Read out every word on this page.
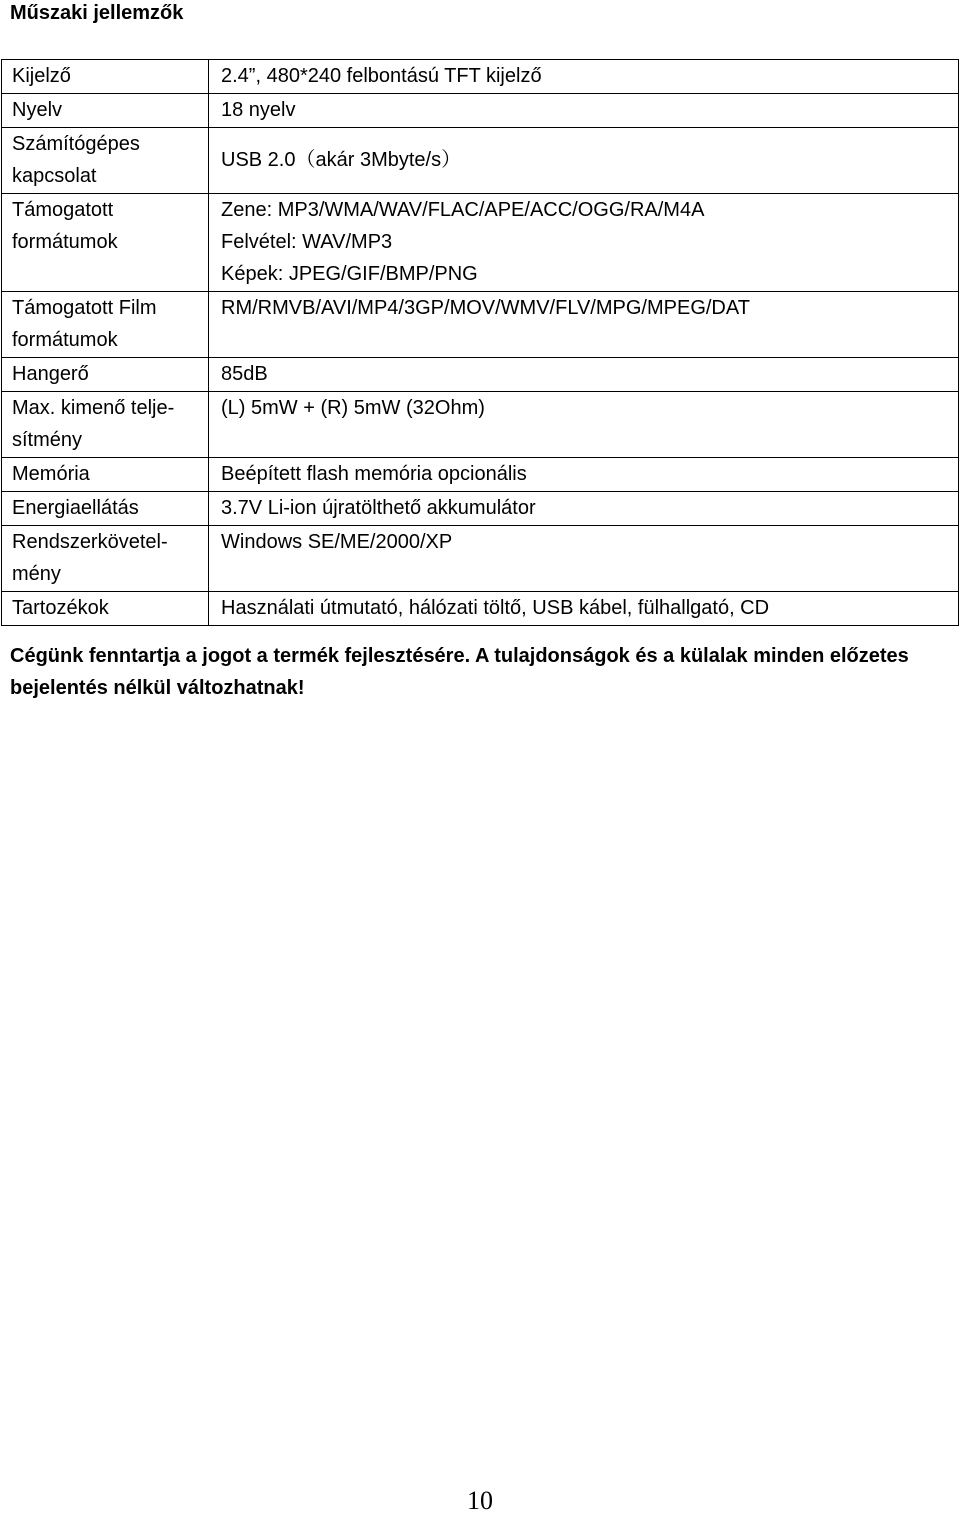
Műszaki jellemzők
Kijelző	2.4”, 480*240 felbontású TFT kijelző

Nyelv	18 nyelv

Számítógépes
kapcsolat	USB 2.0（akár 3Mbyte/s）

Támogatott
formátumok	Zene: MP3/WMA/WAV/FLAC/APE/ACC/OGG/RA/M4A
Felvétel: WAV/MP3
Képek: JPEG/GIF/BMP/PNG

Támogatott Film
formátumok	RM/RMVB/AVI/MP4/3GP/MOV/WMV/FLV/MPG/MPEG/DAT

Hangerő	85dB

Max. kimenő telje-
sítmény	(L) 5mW + (R) 5mW (32Ohm)

Memória	Beépített flash memória opcionális

Energiaellátás	3.7V Li-ion újratölthető akkumulátor

Rendszerkövetel-
mény	Windows SE/ME/2000/XP

Tartozékok	Használati útmutató, hálózati töltő, USB kábel, fülhallgató, CD

Cégünk fenntartja a jogot a termék fejlesztésére. A tulajdonságok és a külalak minden előzetes bejelentés nélkül változhatnak!

10
